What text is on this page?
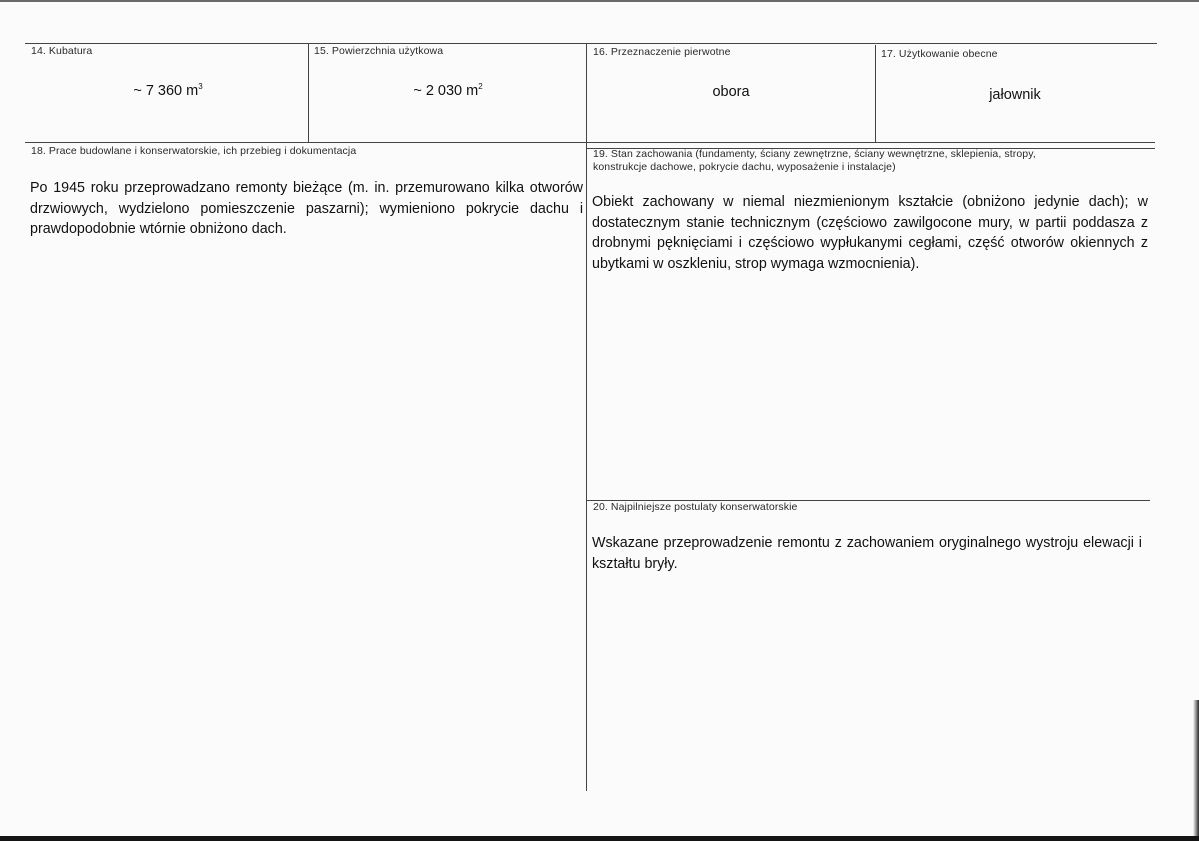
14. Kubatura
~ 7 360 $m^3$
15. Powierzchnia użytkowa
~ 2 030 $m^2$
16. Przeznaczenie pierwotne
obora
17. Użytkowanie obecne
jałownik
18. Prace budowlane i konserwatorskie, ich przebieg i dokumentacja
Po 1945 roku przeprowadzano remonty bieżące (m. in. przemurowano kilka otworów drzwiowych, wydzielono pomieszczenie paszarni); wymieniono pokrycie dachu i prawdopodobnie wtórnie obniżono dach.
19. Stan zachowania (fundamenty, ściany zewnętrzne, ściany wewnętrzne, sklepienia, stropy, konstrukcje dachowe, pokrycie dachu, wyposażenie i instalacje)
Obiekt zachowany w niemal niezmienionym kształcie (obniżono jedynie dach); w dostatecznym stanie technicznym (częściowo zawilgocone mury, w partii poddasza z drobnymi pęknięciami i częściowo wypłukanymi cegłami, część otworów okiennych z ubytkami w oszkleniu, strop wymaga wzmocnienia).
20. Najpilniejsze postulaty konserwatorskie
Wskazane przeprowadzenie remontu z zachowaniem oryginalnego wystroju elewacji i kształtu bryły.
